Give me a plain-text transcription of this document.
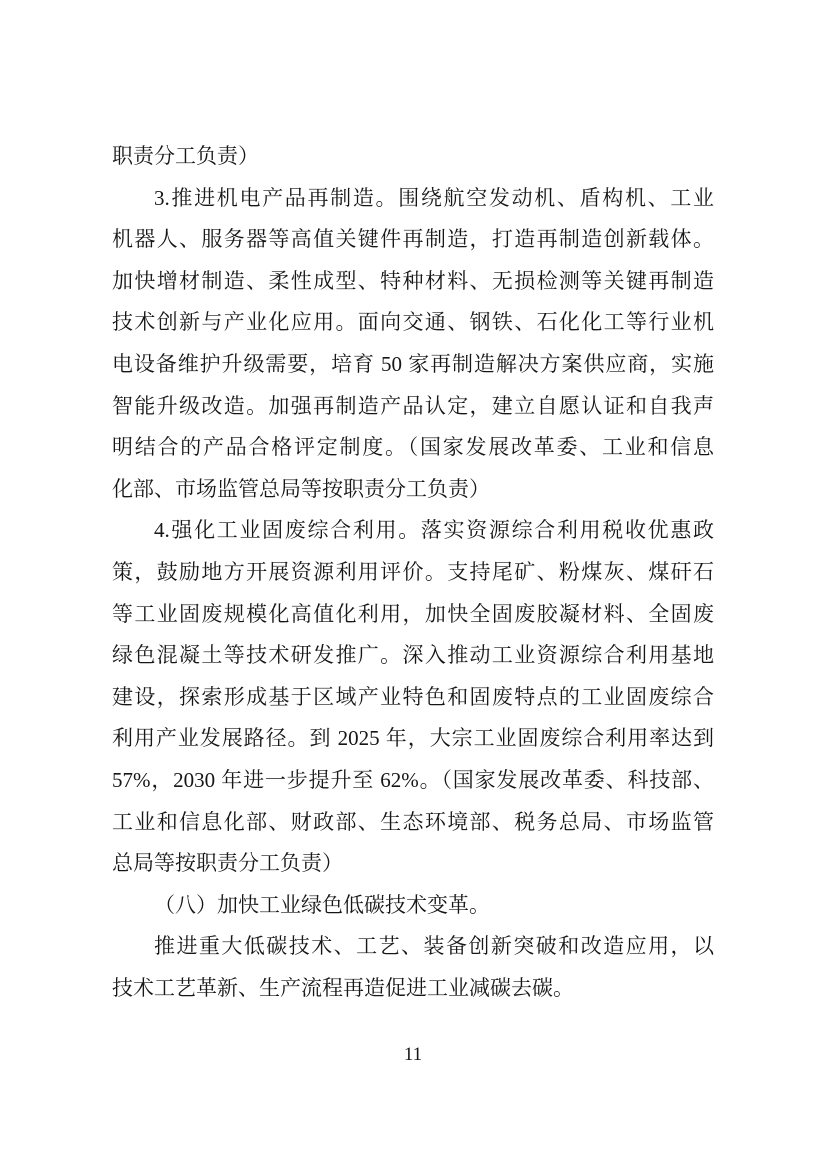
职责分工负责）
3.推进机电产品再制造。围绕航空发动机、盾构机、工业
机器人、服务器等高值关键件再制造，打造再制造创新载体。
加快增材制造、柔性成型、特种材料、无损检测等关键再制造
技术创新与产业化应用。面向交通、钢铁、石化化工等行业机
电设备维护升级需要，培育 50 家再制造解决方案供应商，实施
智能升级改造。加强再制造产品认定，建立自愿认证和自我声
明结合的产品合格评定制度。（国家发展改革委、工业和信息
化部、市场监管总局等按职责分工负责）
4.强化工业固废综合利用。落实资源综合利用税收优惠政
策，鼓励地方开展资源利用评价。支持尾矿、粉煤灰、煤矸石
等工业固废规模化高值化利用，加快全固废胶凝材料、全固废
绿色混凝土等技术研发推广。深入推动工业资源综合利用基地
建设，探索形成基于区域产业特色和固废特点的工业固废综合
利用产业发展路径。到 2025 年，大宗工业固废综合利用率达到
57%，2030 年进一步提升至 62%。（国家发展改革委、科技部、
工业和信息化部、财政部、生态环境部、税务总局、市场监管
总局等按职责分工负责）
（八）加快工业绿色低碳技术变革。
推进重大低碳技术、工艺、装备创新突破和改造应用，以
技术工艺革新、生产流程再造促进工业减碳去碳。
11
